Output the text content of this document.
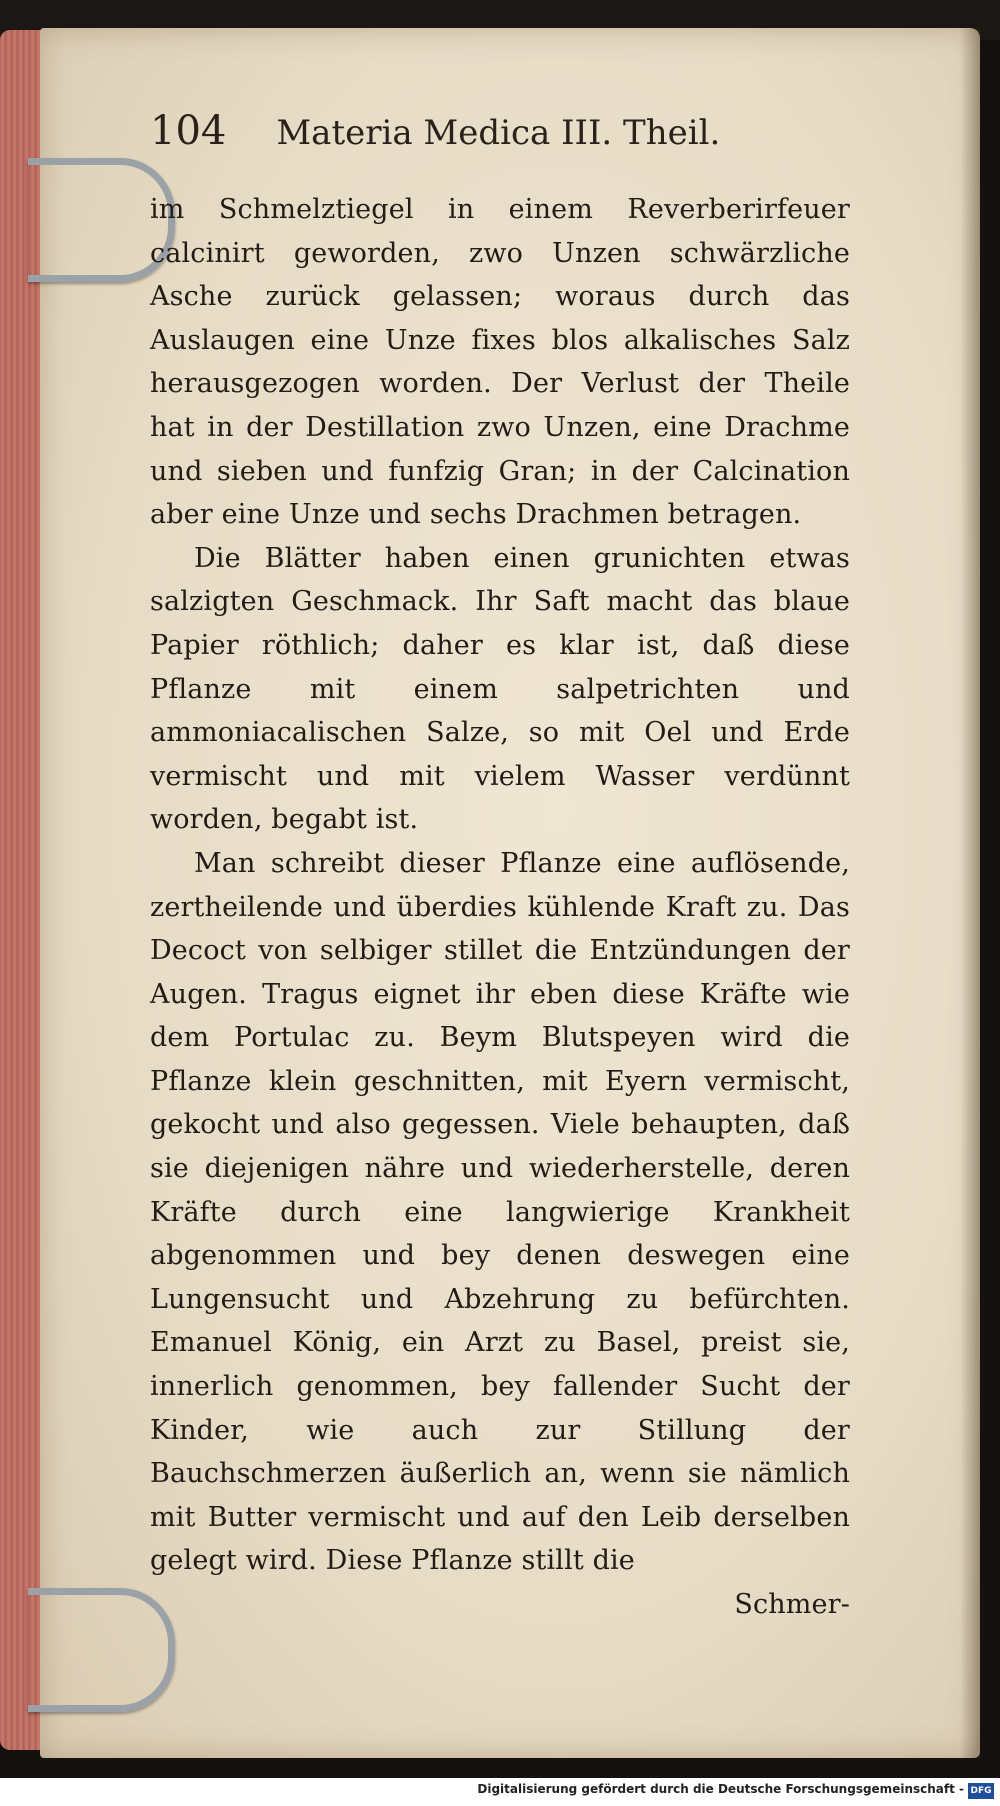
104 Materia Medica III. Theil.

im Schmelztiegel in einem Reverberirfeuer calcinirt geworden, zwo Unzen schwärzliche Asche zurück gelassen; woraus durch das Auslaugen eine Unze fixes blos alkalisches Salz herausgezogen worden. Der Verlust der Theile hat in der Destillation zwo Unzen, eine Drachme und sieben und funfzig Gran; in der Calcination aber eine Unze und sechs Drachmen betragen.

Die Blätter haben einen grunichten etwas salzigten Geschmack. Ihr Saft macht das blaue Papier röthlich; daher es klar ist, daß diese Pflanze mit einem salpetrichten und ammoniacalischen Salze, so mit Oel und Erde vermischt und mit vielem Wasser verdünnt worden, begabt ist.

Man schreibt dieser Pflanze eine auflösende, zertheilende und überdies kühlende Kraft zu. Das Decoct von selbiger stillet die Entzündungen der Augen. Tragus eignet ihr eben diese Kräfte wie dem Portulac zu. Beym Blutspeyen wird die Pflanze klein geschnitten, mit Eyern vermischt, gekocht und also gegessen. Viele behaupten, daß sie diejenigen nähre und wiederherstelle, deren Kräfte durch eine langwierige Krankheit abgenommen und bey denen deswegen eine Lungensucht und Abzehrung zu befürchten. Emanuel König, ein Arzt zu Basel, preist sie, innerlich genommen, bey fallender Sucht der Kinder, wie auch zur Stillung der Bauchschmerzen äußerlich an, wenn sie nämlich mit Butter vermischt und auf den Leib derselben gelegt wird. Diese Pflanze stillt die

Schmer-

Digitalisierung gefördert durch die Deutsche Forschungsgemeinschaft - DFG
